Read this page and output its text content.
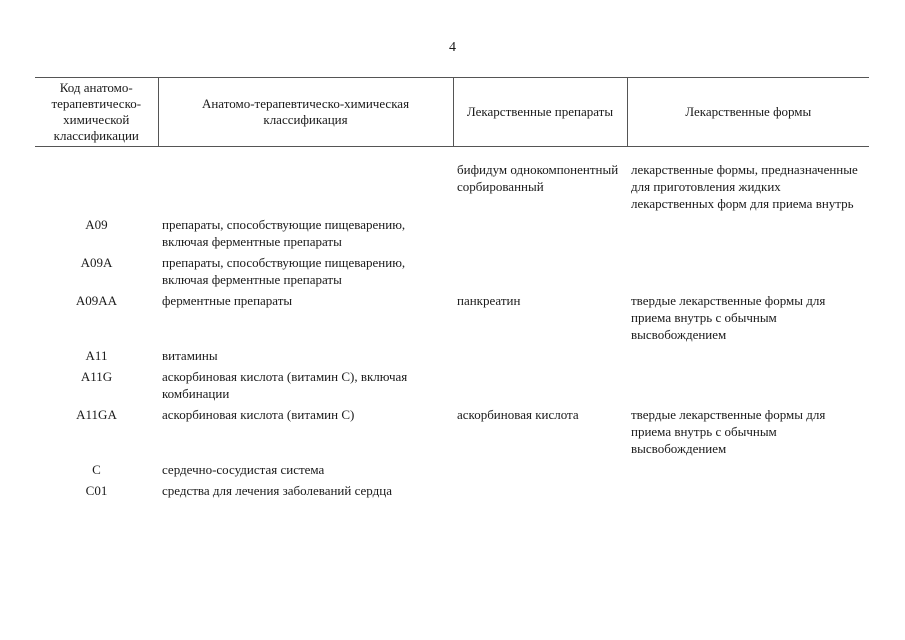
4
Код анатомо-терапевтическо-химической классификации	Анатомо-терапевтическо-химическая классификация	Лекарственные препараты	Лекарственные формы
		бифидум однокомпонентный сорбированный	лекарственные формы, предназначенные для приготовления жидких лекарственных форм для приема внутрь
A09	препараты, способствующие пищеварению, включая ферментные препараты		
A09A	препараты, способствующие пищеварению, включая ферментные препараты		
A09AA	ферментные препараты	панкреатин	твердые лекарственные формы для приема внутрь с обычным высвобождением
A11	витамины		
A11G	аскорбиновая кислота (витамин C), включая комбинации		
A11GA	аскорбиновая кислота (витамин C)	аскорбиновая кислота	твердые лекарственные формы для приема внутрь с обычным высвобождением
C	сердечно-сосудистая система		
C01	средства для лечения заболеваний сердца		
